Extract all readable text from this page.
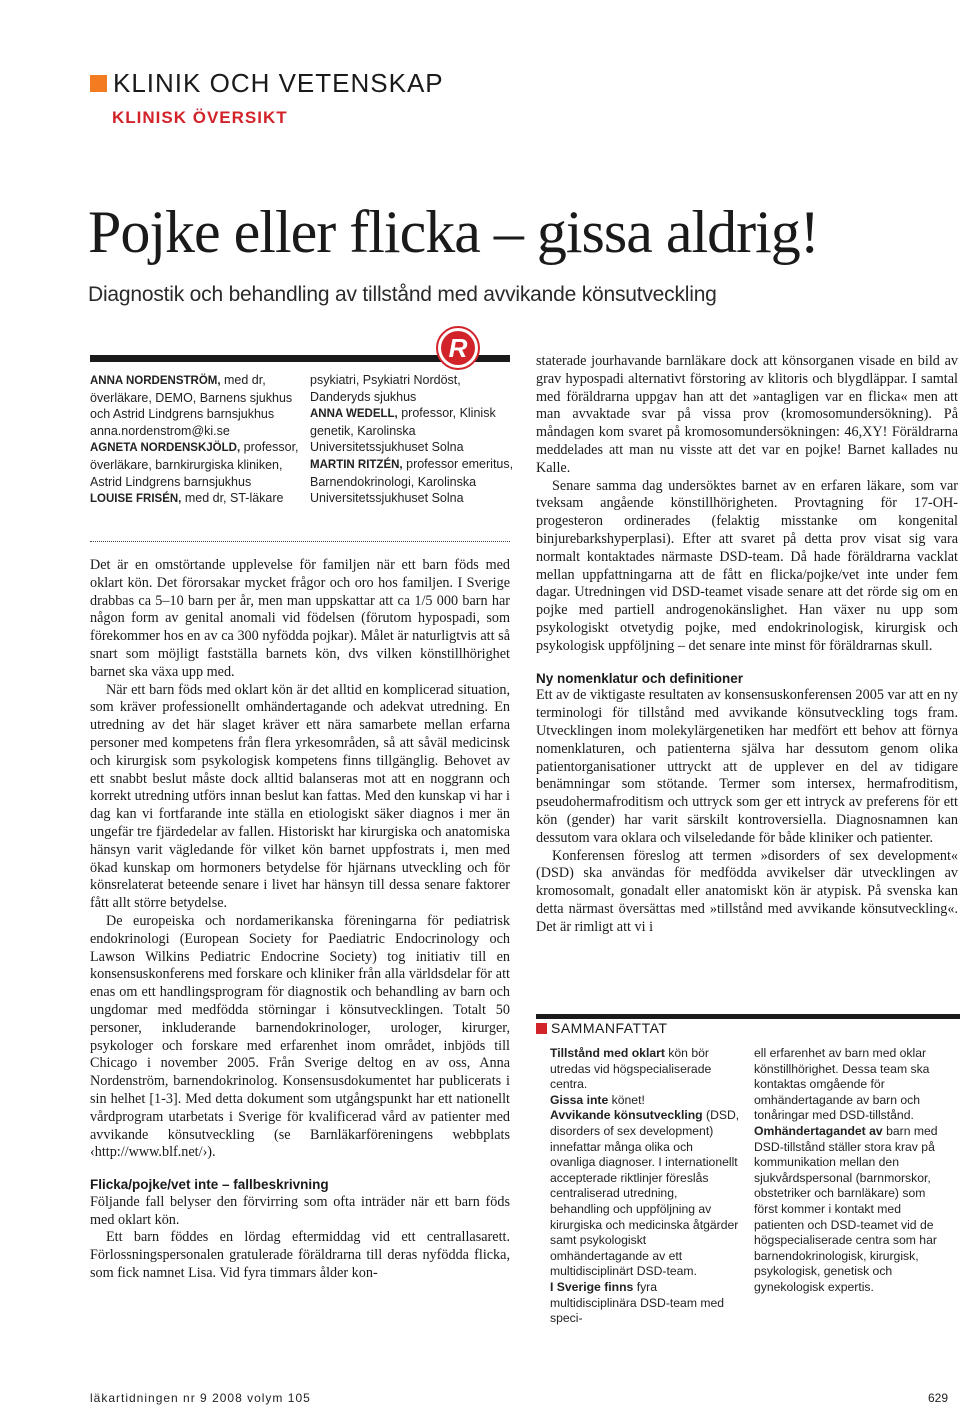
KLINIK OCH VETENSKAP
KLINISK ÖVERSIKT
Pojke eller flicka – gissa aldrig!
Diagnostik och behandling av tillstånd med avvikande könsutveckling
R
ANNA NORDENSTRÖM, med dr, överläkare, DEMO, Barnens sjukhus och Astrid Lindgrens barnsjukhus anna.nordenstrom@ki.se
AGNETA NORDENSKJÖLD, professor, överläkare, barnkirurgiska kliniken, Astrid Lindgrens barnsjukhus
LOUISE FRISÉN, med dr, ST-läkare
psykiatri, Psykiatri Nordöst, Danderyds sjukhus
ANNA WEDELL, professor, Klinisk genetik, Karolinska Universitetssjukhuset Solna
MARTIN RITZÉN, professor emeritus, Barnendokrinologi, Karolinska Universitetssjukhuset Solna

Det är en omstörtande upplevelse för familjen när ett barn föds med oklart kön. Det förorsakar mycket frågor och oro hos familjen. I Sverige drabbas ca 5–10 barn per år, men man uppskattar att ca 1/5 000 barn har någon form av genital anomali vid födelsen (förutom hypospadi, som förekommer hos en av ca 300 nyfödda pojkar). Målet är naturligtvis att så snart som möjligt fastställa barnets kön, dvs vilken könstillhörighet barnet ska växa upp med.

När ett barn föds med oklart kön är det alltid en komplicerad situation, som kräver professionellt omhändertagande och adekvat utredning. En utredning av det här slaget kräver ett nära samarbete mellan erfarna personer med kompetens från flera yrkesområden, så att såväl medicinsk och kirurgisk som psykologisk kompetens finns tillgänglig. Behovet av ett snabbt beslut måste dock alltid balanseras mot att en noggrann och korrekt utredning utförs innan beslut kan fattas. Med den kunskap vi har i dag kan vi fortfarande inte ställa en etiologiskt säker diagnos i mer än ungefär tre fjärdedelar av fallen. Historiskt har kirurgiska och anatomiska hänsyn varit vägledande för vilket kön barnet uppfostrats i, men med ökad kunskap om hormoners betydelse för hjärnans utveckling och för könsrelaterat beteende senare i livet har hänsyn till dessa senare faktorer fått allt större betydelse.

De europeiska och nordamerikanska föreningarna för pediatrisk endokrinologi (European Society for Paediatric Endocrinology och Lawson Wilkins Pediatric Endocrine Society) tog initiativ till en konsensuskonferens med forskare och kliniker från alla världsdelar för att enas om ett handlingsprogram för diagnostik och behandling av barn och ungdomar med medfödda störningar i könsutvecklingen. Totalt 50 personer, inkluderande barnendokrinologer, urologer, kirurger, psykologer och forskare med erfarenhet inom området, inbjöds till Chicago i november 2005. Från Sverige deltog en av oss, Anna Nordenström, barnendokrinolog. Konsensusdokumentet har publicerats i sin helhet [1-3]. Med detta dokument som utgångspunkt har ett nationellt vårdprogram utarbetats i Sverige för kvalificerad vård av patienter med avvikande könsutveckling (se Barnläkarföreningens webbplats ‹http://www.blf.net/›).

Flicka/pojke/vet inte – fallbeskrivning

Följande fall belyser den förvirring som ofta inträder när ett barn föds med oklart kön.

Ett barn föddes en lördag eftermiddag vid ett centrallasarett. Förlossningspersonalen gratulerade föräldrarna till deras nyfödda flicka, som fick namnet Lisa. Vid fyra timmars ålder kon-

staterade jourhavande barnläkare dock att könsorganen visade en bild av grav hypospadi alternativt förstoring av klitoris och blygdläppar. I samtal med föräldrarna uppgav han att det »antagligen var en flicka« men att man avvaktade svar på vissa prov (kromosomundersökning). På måndagen kom svaret på kromosomundersökningen: 46,XY! Föräldrarna meddelades att man nu visste att det var en pojke! Barnet kallades nu Kalle.

Senare samma dag undersöktes barnet av en erfaren läkare, som var tveksam angående könstillhörigheten. Provtagning för 17-OH-progesteron ordinerades (felaktig misstanke om kongenital binjurebarkshyperplasi). Efter att svaret på detta prov visat sig vara normalt kontaktades närmaste DSD-team. Då hade föräldrarna vacklat mellan uppfattningarna att de fått en flicka/pojke/vet inte under fem dagar. Utredningen vid DSD-teamet visade senare att det rörde sig om en pojke med partiell androgenokänslighet. Han växer nu upp som psykologiskt otvetydig pojke, med endokrinologisk, kirurgisk och psykologisk uppföljning – det senare inte minst för föräldrarnas skull.

Ny nomenklatur och definitioner

Ett av de viktigaste resultaten av konsensuskonferensen 2005 var att en ny terminologi för tillstånd med avvikande könsutveckling togs fram. Utvecklingen inom molekylärgenetiken har medfört ett behov att förnya nomenklaturen, och patienterna själva har dessutom genom olika patientorganisationer uttryckt att de upplever en del av tidigare benämningar som stötande. Termer som intersex, hermafroditism, pseudohermafroditism och uttryck som ger ett intryck av preferens för ett kön (gender) har varit särskilt kontroversiella. Diagnosnamnen kan dessutom vara oklara och vilseledande för både kliniker och patienter.

Konferensen föreslog att termen »disorders of sex development« (DSD) ska användas för medfödda avvikelser där utvecklingen av kromosomalt, gonadalt eller anatomiskt kön är atypisk. På svenska kan detta närmast översättas med »tillstånd med avvikande könsutveckling«. Det är rimligt att vi i

SAMMANFATTAT
Tillstånd med oklart kön bör utredas vid högspecialiserade centra.
Gissa inte könet!
Avvikande könsutveckling (DSD, disorders of sex development) innefattar många olika och ovanliga diagnoser. I internationellt accepterade riktlinjer föreslås centraliserad utredning, behandling och uppföljning av kirurgiska och medicinska åtgärder samt psykologiskt omhändertagande av ett multidisciplinärt DSD-team.
I Sverige finns fyra multidisciplinära DSD-team med speci-
ell erfarenhet av barn med oklar könstillhörighet. Dessa team ska kontaktas omgående för omhändertagande av barn och tonåringar med DSD-tillstånd.
Omhändertagandet av barn med DSD-tillstånd ställer stora krav på kommunikation mellan den sjukvårdspersonal (barnmorskor, obstetriker och barnläkare) som först kommer i kontakt med patienten och DSD-teamet vid de högspecialiserade centra som har barnendokrinologisk, kirurgisk, psykologisk, genetisk och gynekologisk expertis.
läkartidningen nr 9 2008 volym 105	629
